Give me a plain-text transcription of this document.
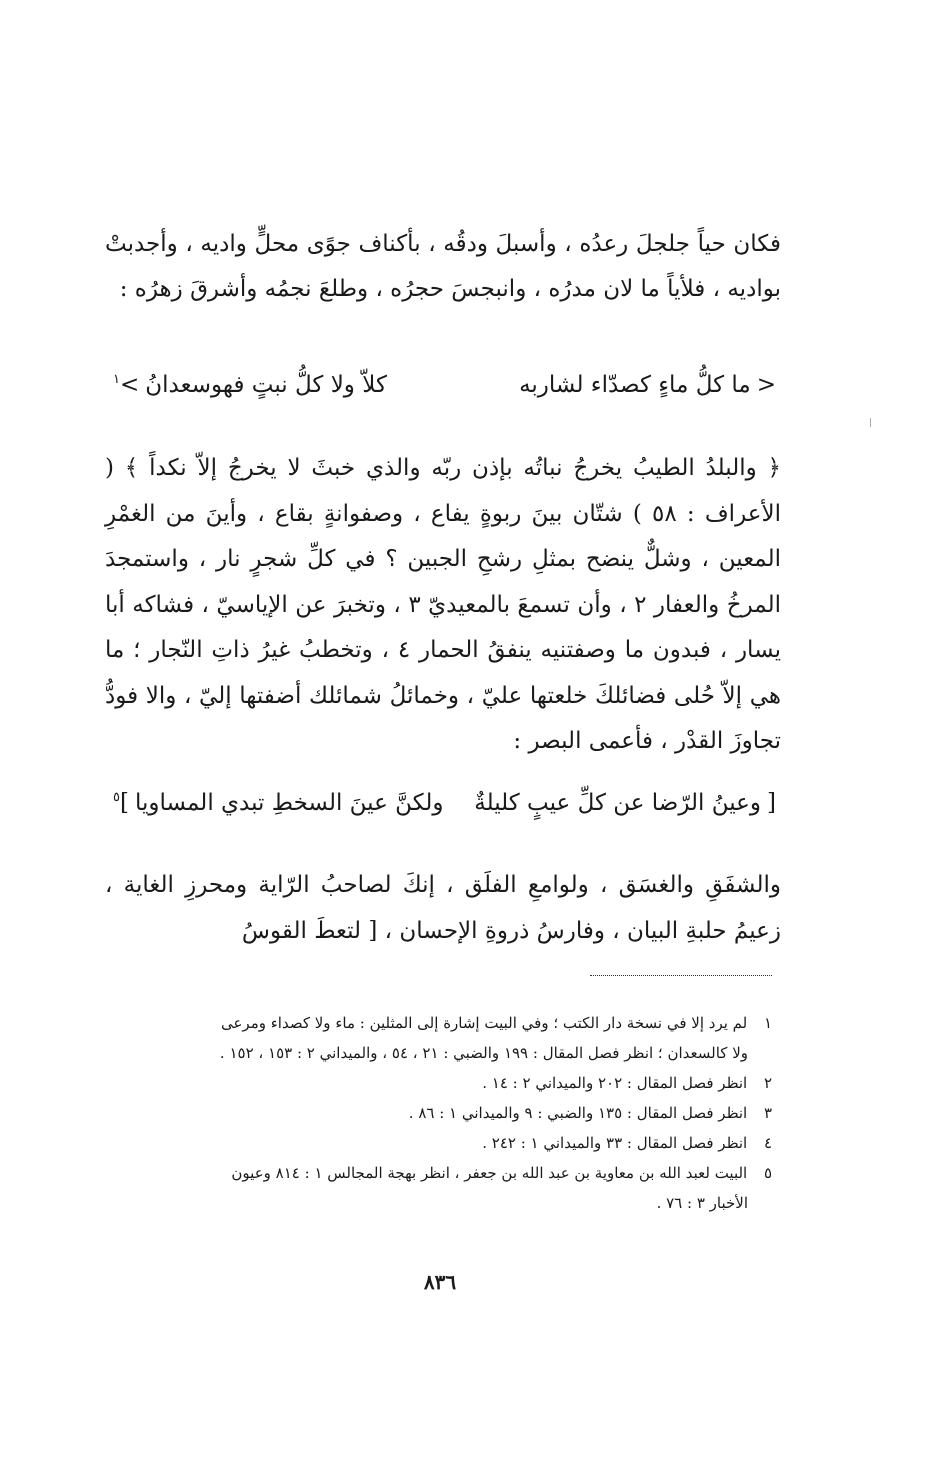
فكان حياً جلجلَ رعدُه ، وأسبلَ ودقُه ، بأكناف جوًى محلٍّ واديه ، وأجدبتْ بواديه ، فلأياً ما لان مدرُه ، وانبجسَ حجرُه ، وطلعَ نجمُه وأشرقَ زهرُه :

<
ما كلُّ ماءٍ كصدّاء لشاربه
كلاّ ولا كلُّ نبتٍ فهوسعدانُ
>
١

﴿ والبلدُ الطيبُ يخرجُ نباتُه بإذن ربّه والذي خبثَ لا يخرجُ إلاّ نكداً ﴾ ( الأعراف : ٥٨ ) شتّان بينَ ربوةٍ يفاع ، وصفوانةٍ بقاع ، وأينَ من الغمْرِ المعين ، وشلٌّ ينضح بمثلِ رشحِ الجبين ؟ في كلِّ شجرٍ نار ، واستمجدَ المرخُ والعفار ٢ ، وأن تسمعَ بالمعيديّ ٣ ، وتخبرَ عن الإياسيّ ، فشاكه أبا يسار ، فبدون ما وصفتنيه ينفقُ الحمار ٤ ، وتخطبُ غيرُ ذاتِ النّجار ؛ ما هي إلاّ حُلى فضائلكَ خلعتها عليّ ، وخمائلُ شمائلك أضفتها إليّ ، والا فودُّ تجاوزَ القدْر ، فأعمى البصر :

[
وعينُ الرّضا عن كلِّ عيبٍ كليلةٌ
ولكنَّ عينَ السخطِ تبدي المساويا
]
٥

والشفَقِ والغسَق ، ولوامعِ الفلَق ، إنكَ لصاحبُ الرّاية ومحرزِ الغاية ، زعيمُ حلبةِ البيان ، وفارسُ ذروةِ الإحسان ، [ لتعطَ القوسُ

١ لم يرد إلا في نسخة دار الكتب ؛ وفي البيت إشارة إلى المثلين : ماء ولا كصداء ومرعى
ولا كالسعدان ؛ انظر فصل المقال : ١٩٩ والضبي : ٢١ ، ٥٤ ، والميداني ٢ : ١٥٣ ، ١٥٢ .
٢ انظر فصل المقال : ٢٠٢ والميداني ٢ : ١٤ .
٣ انظر فصل المقال : ١٣٥ والضبي : ٩ والميداني ١ : ٨٦ .
٤ انظر فصل المقال : ٣٣ والميداني ١ : ٢٤٢ .
٥ البيت لعبد الله بن معاوية بن عبد الله بن جعفر ، انظر بهجة المجالس ١ : ٨١٤ وعيون
الأخبار ٣ : ٧٦ .
٨٣٦
